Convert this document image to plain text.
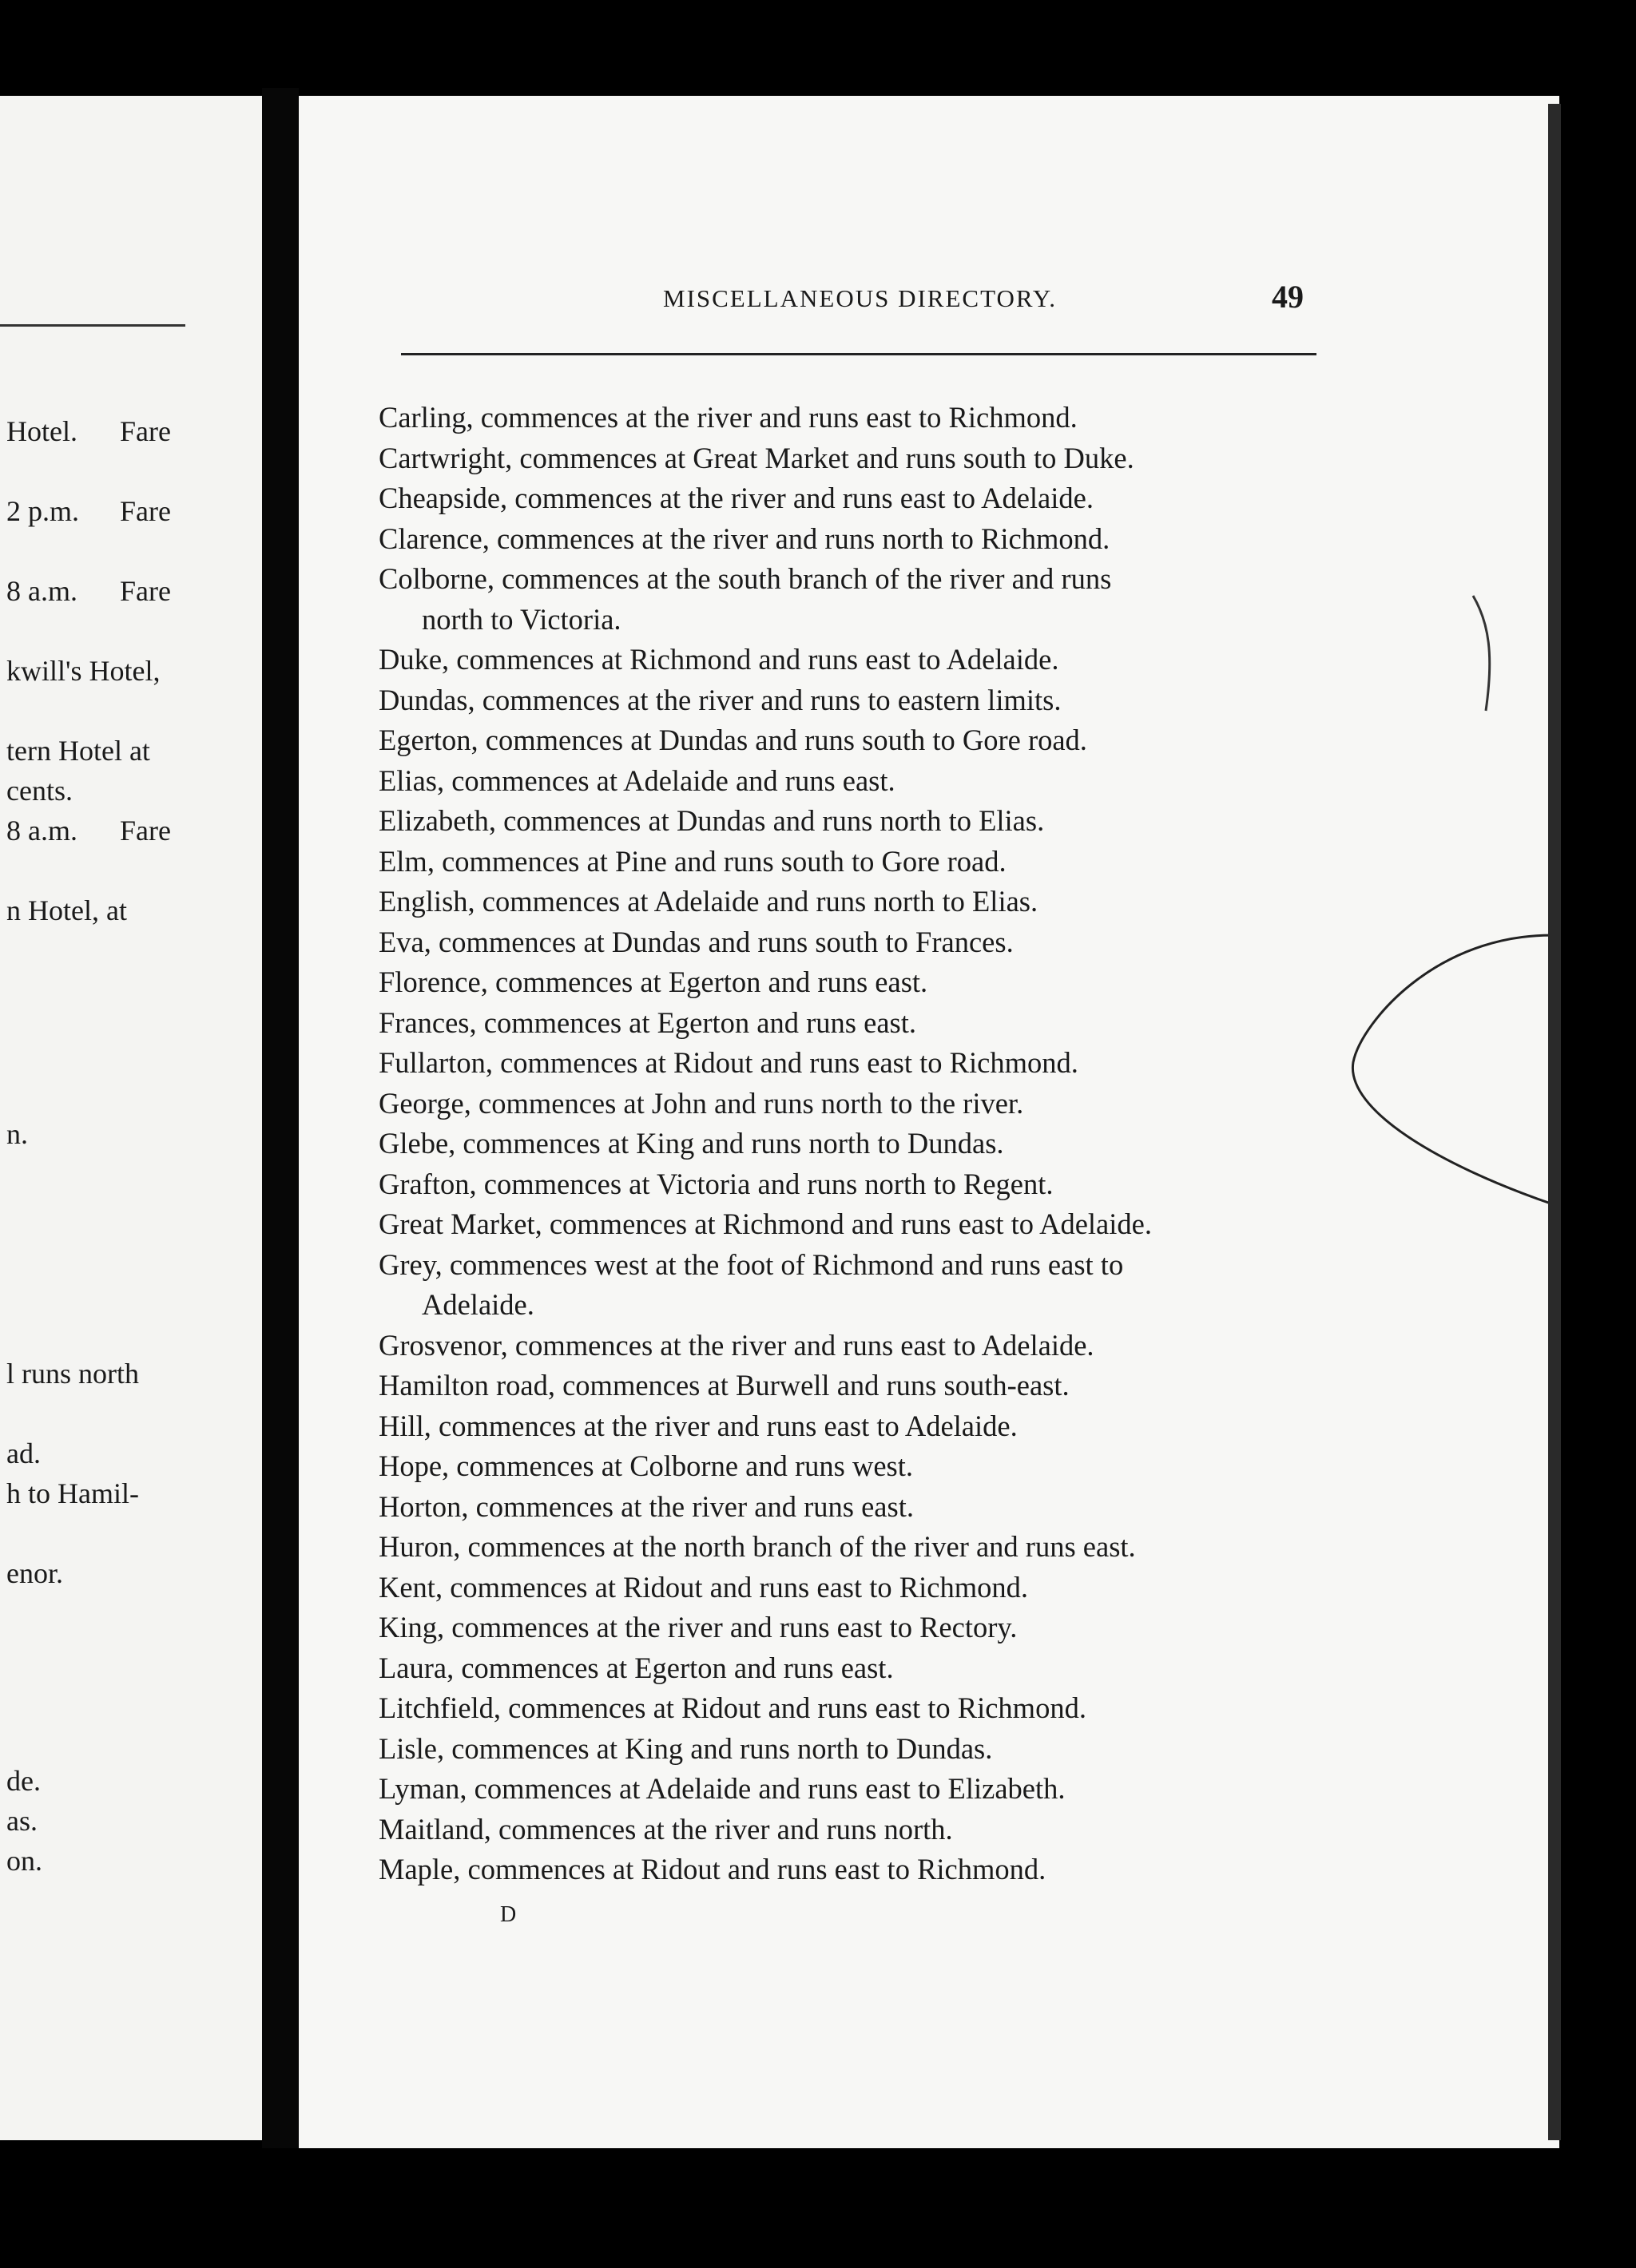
Hotel. Fare
2 p.m. Fare
8 a.m. Fare
kwill's Hotel,
tern Hotel at
cents.
8 a.m. Fare
n Hotel, at
n.
l runs north
ad.
h to Hamil-
enor.
de.
as.
on.
MISCELLANEOUS DIRECTORY.	49
Carling, commences at the river and runs east to Richmond.
Cartwright, commences at Great Market and runs south to Duke.
Cheapside, commences at the river and runs east to Adelaide.
Clarence, commences at the river and runs north to Richmond.
Colborne, commences at the south branch of the river and runs
north to Victoria.
Duke, commences at Richmond and runs east to Adelaide.
Dundas, commences at the river and runs to eastern limits.
Egerton, commences at Dundas and runs south to Gore road.
Elias, commences at Adelaide and runs east.
Elizabeth, commences at Dundas and runs north to Elias.
Elm, commences at Pine and runs south to Gore road.
English, commences at Adelaide and runs north to Elias.
Eva, commences at Dundas and runs south to Frances.
Florence, commences at Egerton and runs east.
Frances, commences at Egerton and runs east.
Fullarton, commences at Ridout and runs east to Richmond.
George, commences at John and runs north to the river.
Glebe, commences at King and runs north to Dundas.
Grafton, commences at Victoria and runs north to Regent.
Great Market, commences at Richmond and runs east to Adelaide.
Grey, commences west at the foot of Richmond and runs east to
Adelaide.
Grosvenor, commences at the river and runs east to Adelaide.
Hamilton road, commences at Burwell and runs south-east.
Hill, commences at the river and runs east to Adelaide.
Hope, commences at Colborne and runs west.
Horton, commences at the river and runs east.
Huron, commences at the north branch of the river and runs east.
Kent, commences at Ridout and runs east to Richmond.
King, commences at the river and runs east to Rectory.
Laura, commences at Egerton and runs east.
Litchfield, commences at Ridout and runs east to Richmond.
Lisle, commences at King and runs north to Dundas.
Lyman, commences at Adelaide and runs east to Elizabeth.
Maitland, commences at the river and runs north.
Maple, commences at Ridout and runs east to Richmond.
D
